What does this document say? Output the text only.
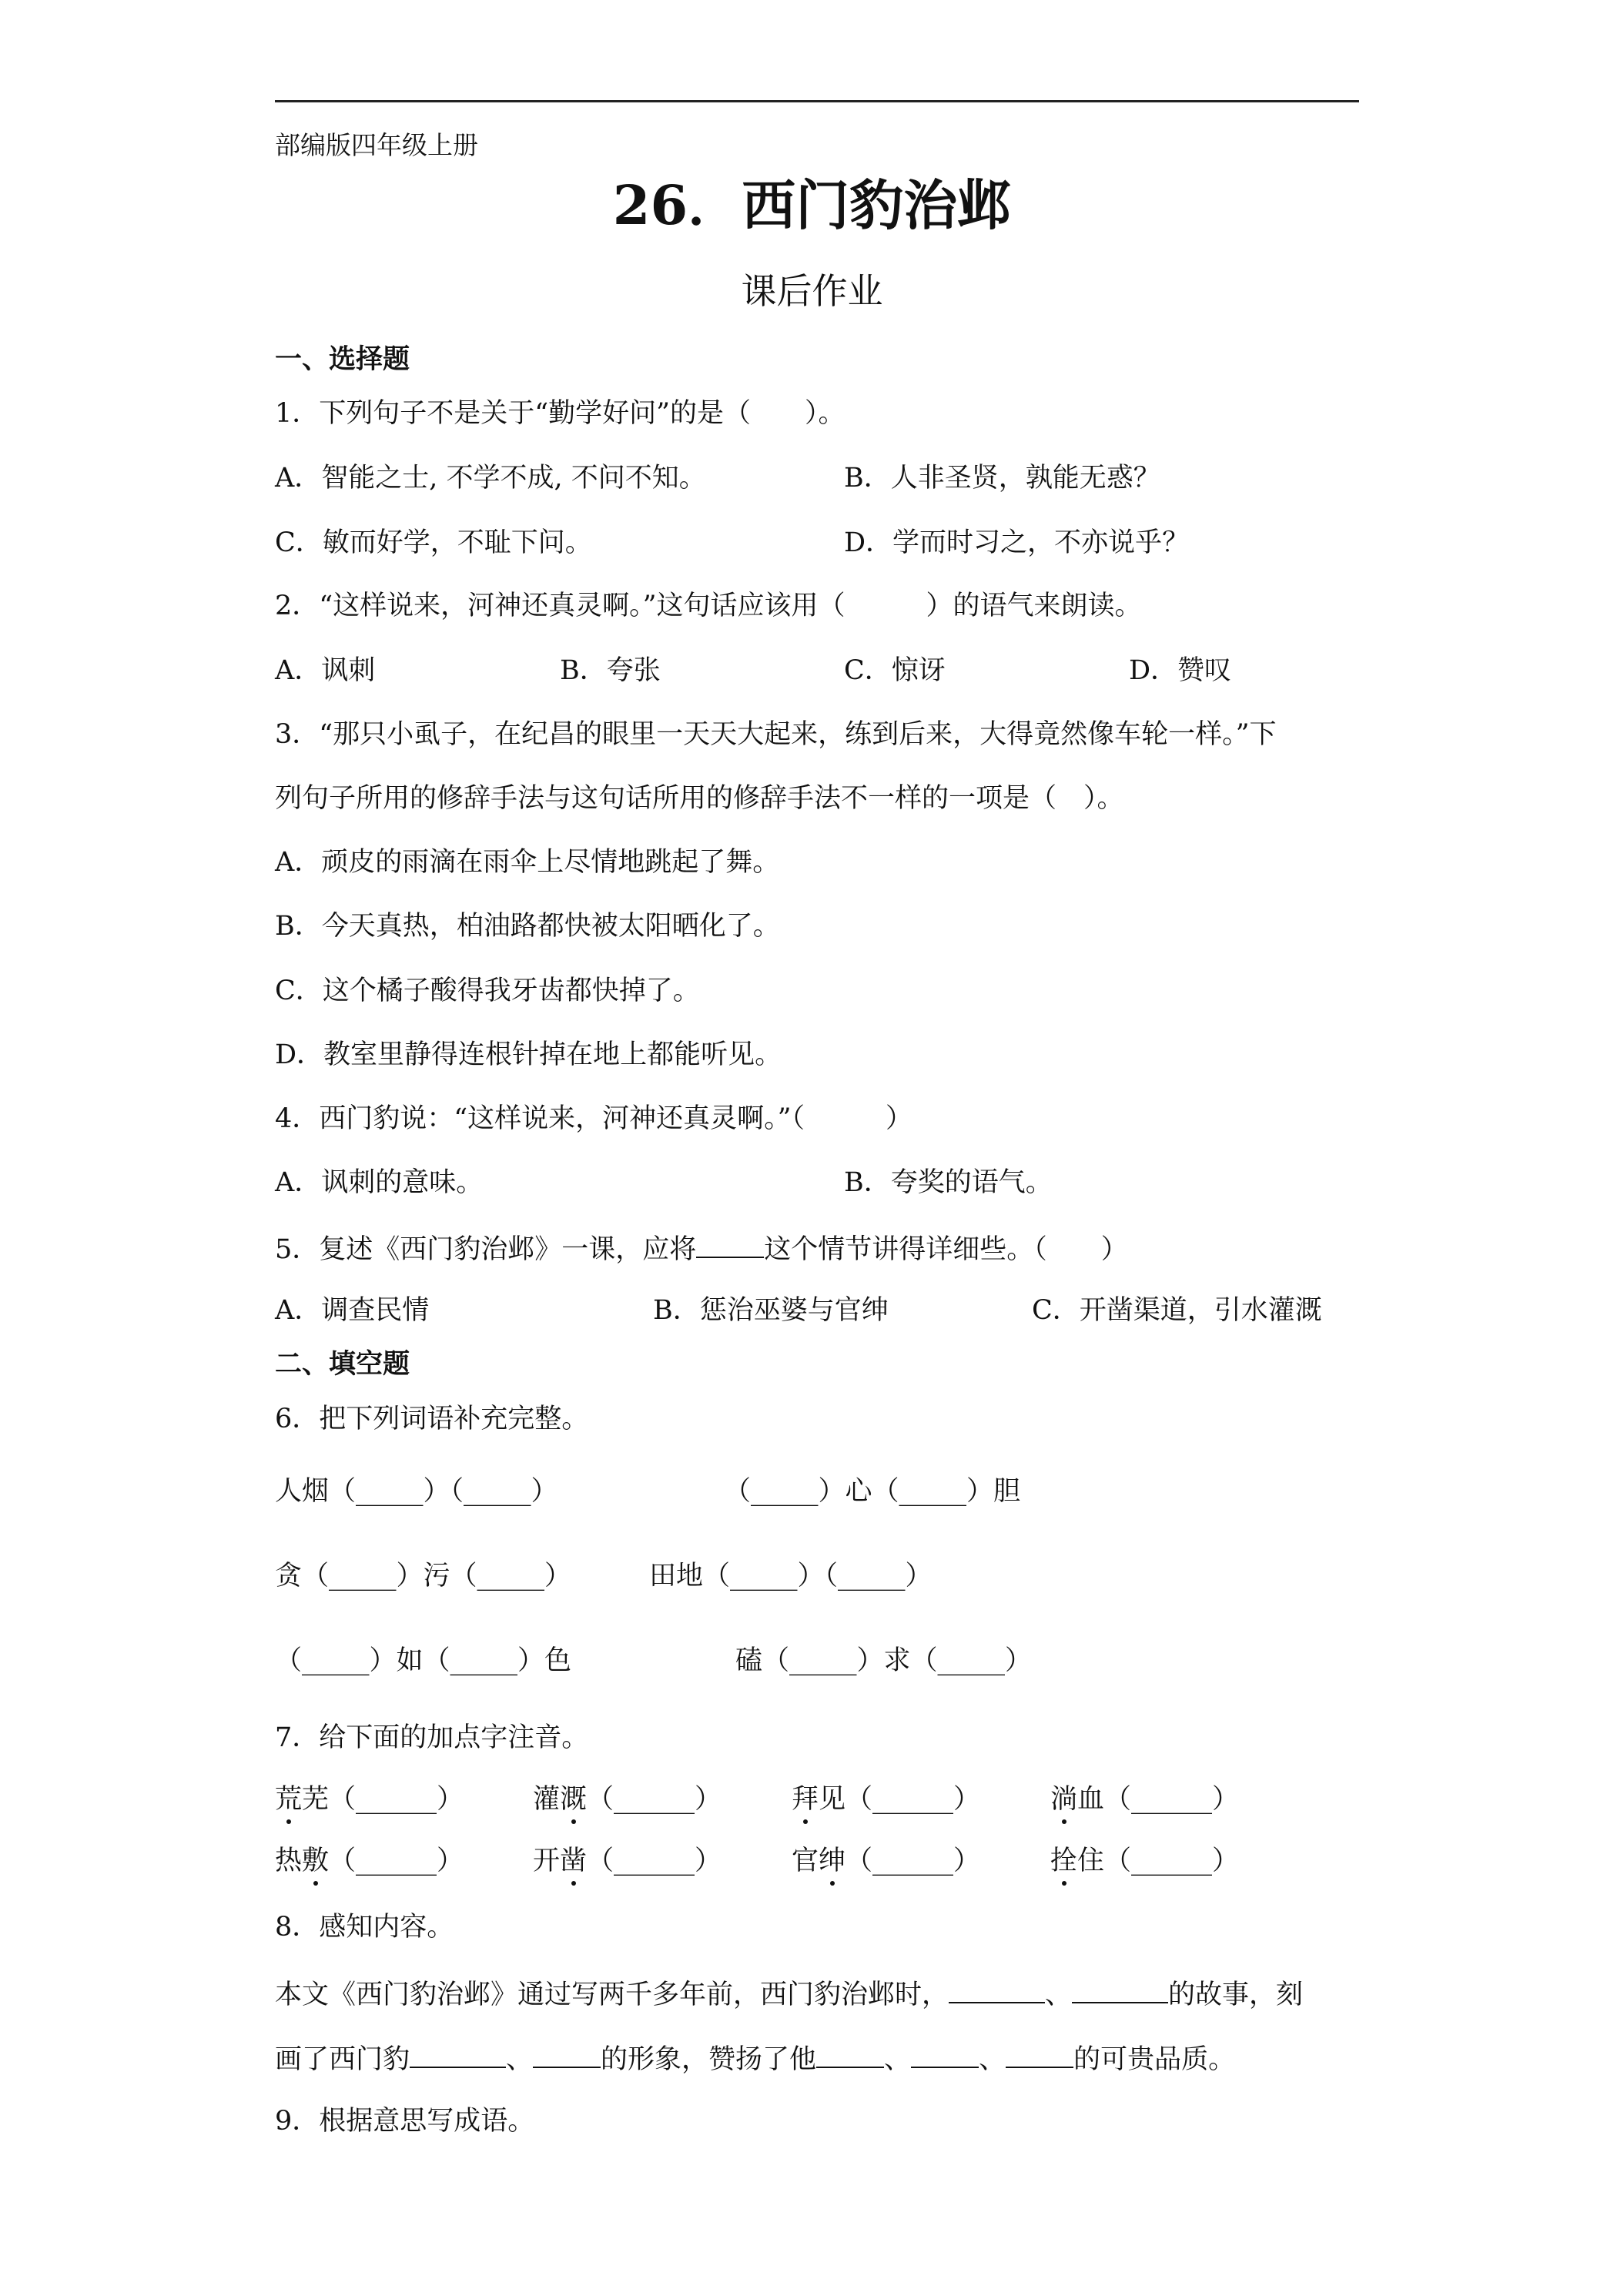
部编版四年级上册
26．西门豹治邺
课后作业
一、选择题
1．下列句子不是关于“勤学好问”的是（　　）。
A．智能之士, 不学不成, 不问不知。	B．人非圣贤，孰能无惑？
C．敏而好学，不耻下问。	D．学而时习之，不亦说乎？
2．“这样说来，河神还真灵啊。”这句话应该用（　　　）的语气来朗读。
A．讽刺	B．夸张	C．惊讶	D．赞叹
3．“那只小虱子，在纪昌的眼里一天天大起来，练到后来，大得竟然像车轮一样。”下
列句子所用的修辞手法与这句话所用的修辞手法不一样的一项是（　）。
A．顽皮的雨滴在雨伞上尽情地跳起了舞。
B．今天真热，柏油路都快被太阳晒化了。
C．这个橘子酸得我牙齿都快掉了。
D．教室里静得连根针掉在地上都能听见。
4．西门豹说：“这样说来，河神还真灵啊。”（　　　）
A．讽刺的意味。	B．夸奖的语气。
5．复述《西门豹治邺》一课，应将	这个情节讲得详细些。（　　）
A．调查民情	B．惩治巫婆与官绅	C．开凿渠道，引水灌溉
二、填空题
6．把下列词语补充完整。
人烟（_____）（_____）	（_____）心（_____）胆
贪（_____）污（_____）	田地（_____）（_____）
（_____）如（_____）色	磕（_____）求（_____）
7．给下面的加点字注音。
荒芜（______）	灌溉（______）	拜见（______）	淌血（______）
热敷（______）	开凿（______）	官绅（______）	拴住（______）
8．感知内容。
本文《西门豹治邺》通过写两千多年前，西门豹治邺时，	、	的故事，刻
画了西门豹	、	的形象，赞扬了他	、	、	的可贵品质。
9．根据意思写成语。
